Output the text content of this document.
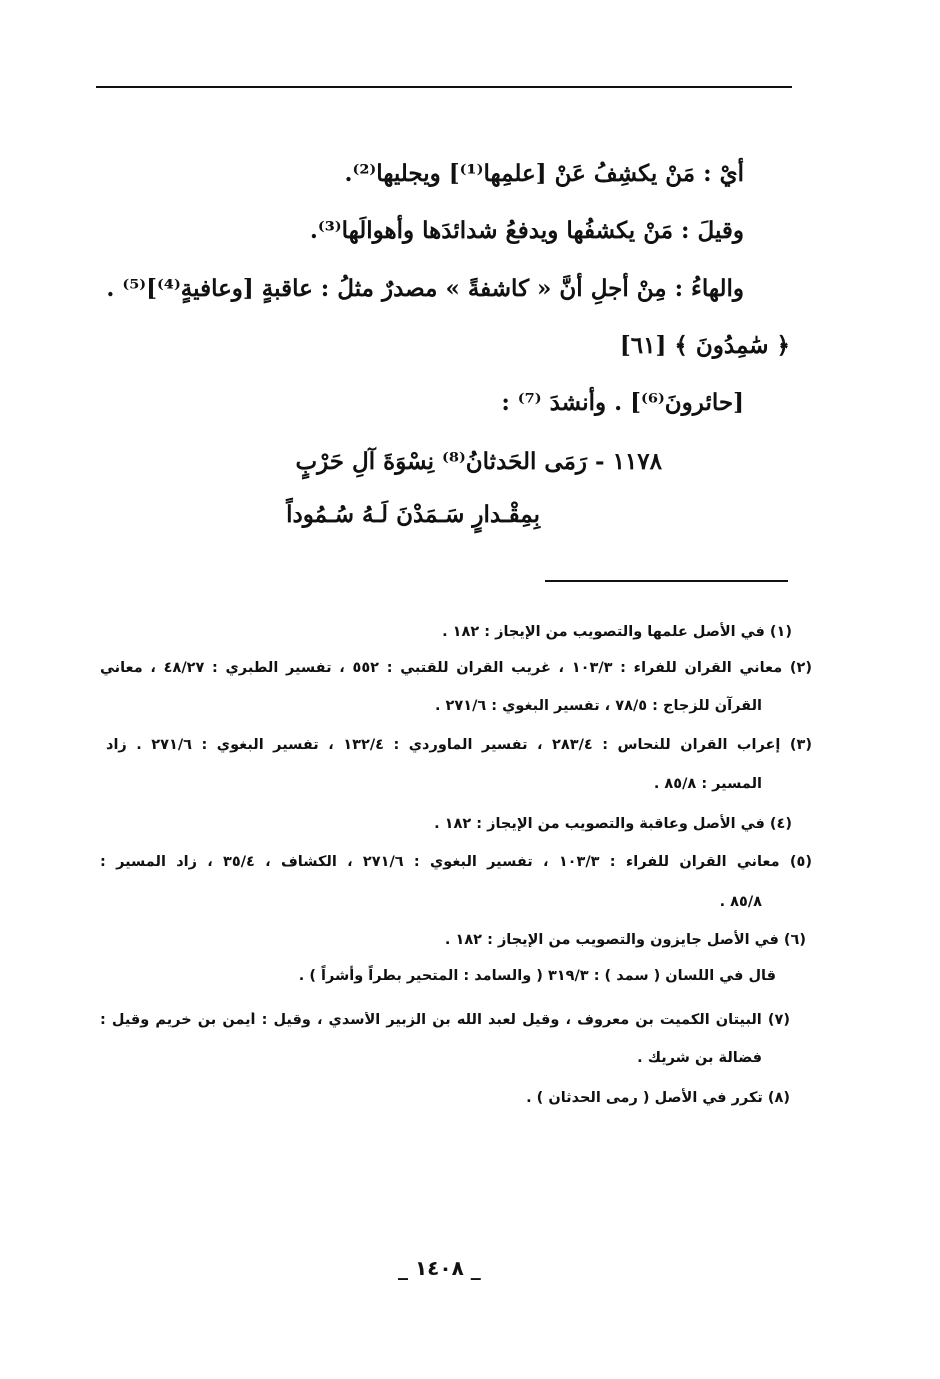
أيْ : مَنْ يكشِفُ عَنْ [علمِها⁽¹⁾] ويجليها⁽²⁾.
وقيلَ : مَنْ يكشفُها ويدفعُ شدائدَها وأهوالَها⁽³⁾.
والهاءُ : مِنْ أجلِ أنَّ « كاشفةً » مصدرٌ مثلُ : عاقبةٍ [وعافيةٍ⁽⁴⁾]⁽⁵⁾ .
﴿ سَٰمِدُونَ ﴾ [٦١]
[حائرونَ⁽⁶⁾] . وأنشدَ ⁽⁷⁾ :
١١٧٨ - رَمَى الحَدثانُ⁽⁸⁾ نِسْوَةَ آلِ حَرْبٍ
بِمِقْـدارٍ سَـمَدْنَ لَـهُ سُـمُوداً
(١) في الأصل علمها والتصويب من الإيجاز : ١٨٢ .
(٢) معاني القرآن للفراء : ١٠٣/٣ ، غريب القرآن للقتبي : ٥٥٢ ، تفسير الطبري : ٤٨/٢٧ ، معاني
القرآن للزجاج : ٧٨/٥ ، تفسير البغوي : ٢٧١/٦ .
(٣) إعراب القرآن للنحاس : ٢٨٣/٤ ، تفسير الماوردي : ١٣٢/٤ ، تفسير البغوي : ٢٧١/٦ . زاد
المسير : ٨٥/٨ .
(٤) في الأصل وعاقبة والتصويب من الإيجاز : ١٨٢ .
(٥) معاني القرآن للفراء : ١٠٣/٣ ، تفسير البغوي : ٢٧١/٦ ، الكشاف ، ٣٥/٤ ، زاد المسير :
٨٥/٨ .
(٦) في الأصل جايزون والتصويب من الإيجاز : ١٨٢ .
قال في اللسان ( سمد ) : ٣١٩/٣ ( والسامد : المتحير بطراً وأشراً ) .
(٧) البيتان الكميت بن معروف ، وقيل لعبد الله بن الزبير الأسدي ، وقيل : أيمن بن خريم وقيل :
فضالة بن شريك .
(٨) تكرر في الأصل ( رمى الحدثان ) .
_ ١٤٠٨ _
